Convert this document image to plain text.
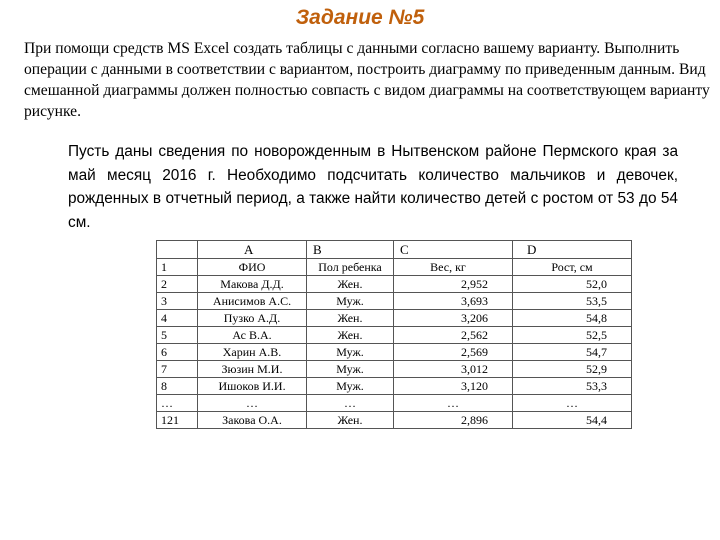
Задание №5
При помощи средств MS Excel создать таблицы с данными согласно вашему варианту. Выполнить операции с данными в соответствии с вариантом, построить диаграмму по приведенным данным. Вид смешанной диаграммы должен полностью совпасть с видом диаграммы на соответствующем варианту рисунке.
Пусть даны сведения по новорожденным в Нытвенском районе Пермского края за май месяц 2016 г. Необходимо подсчитать количество мальчиков и девочек, рожденных в отчетный период, а также найти количество детей с ростом от 53 до 54 см.
	A	B	C	D
1	ФИО	Пол ребенка	Вес, кг	Рост, см
2	Макова Д.Д.	Жен.	2,952	52,0
3	Анисимов А.С.	Муж.	3,693	53,5
4	Пузко А.Д.	Жен.	3,206	54,8
5	Ас В.А.	Жен.	2,562	52,5
6	Харин А.В.	Муж.	2,569	54,7
7	Зюзин М.И.	Муж.	3,012	52,9
8	Ишоков И.И.	Муж.	3,120	53,3
…	…	…	…	…
121	Закова О.А.	Жен.	2,896	54,4
